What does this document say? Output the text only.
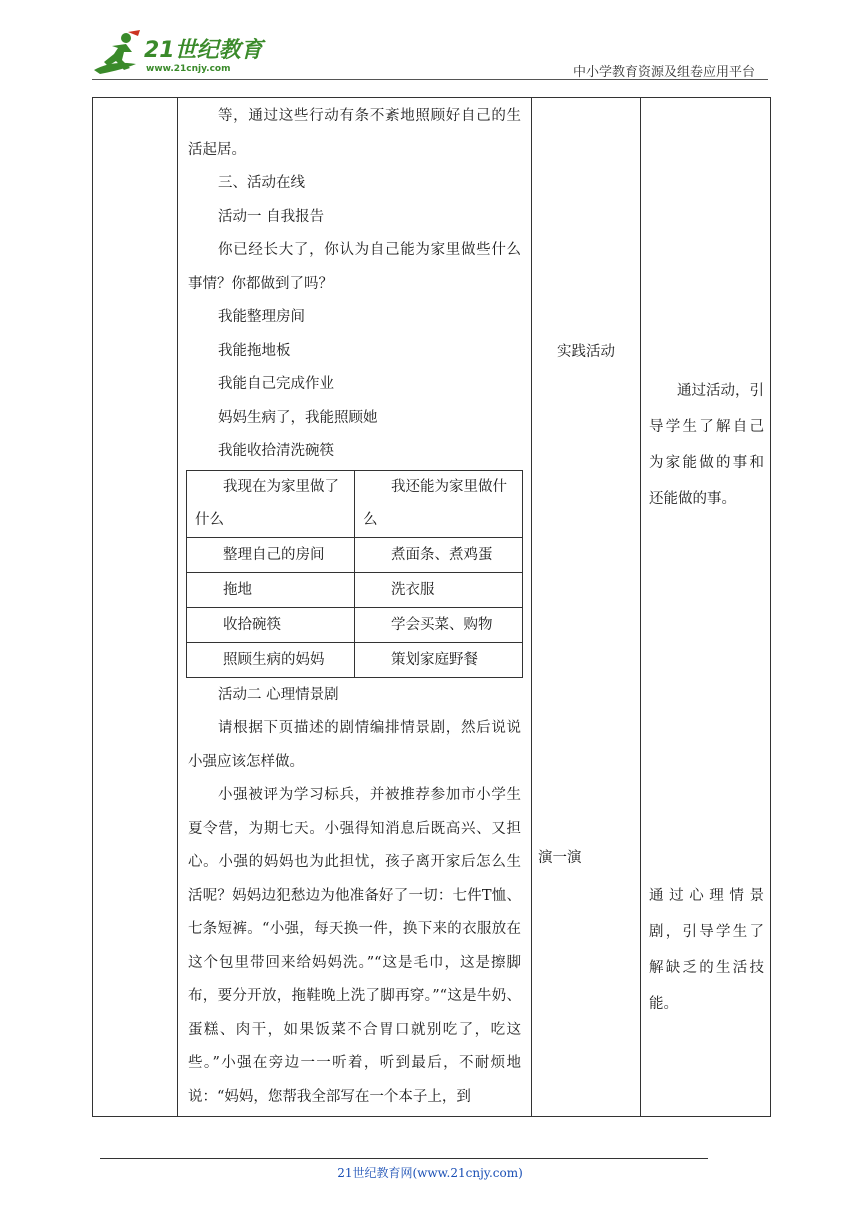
21世纪教育
www.21cnjy.com	中小学教育资源及组卷应用平台

等，通过这些行动有条不紊地照顾好自己的生活起居。

三、活动在线

活动一 自我报告

你已经长大了，你认为自己能为家里做些什么事情？你都做到了吗？

我能整理房间

我能拖地板

我能自己完成作业

妈妈生病了，我能照顾她

我能收拾清洗碗筷

我现在为家里做了什么	我还能为家里做什么
整理自己的房间	煮面条、煮鸡蛋
拖地	洗衣服
收拾碗筷	学会买菜、购物
照顾生病的妈妈	策划家庭野餐

活动二 心理情景剧

请根据下页描述的剧情编排情景剧，然后说说小强应该怎样做。

小强被评为学习标兵，并被推荐参加市小学生夏令营，为期七天。小强得知消息后既高兴、又担心。小强的妈妈也为此担忧，孩子离开家后怎么生活呢？妈妈边犯愁边为他准备好了一切：七件T恤、七条短裤。“小强，每天换一件，换下来的衣服放在这个包里带回来给妈妈洗。”“这是毛巾，这是擦脚布，要分开放，拖鞋晚上洗了脚再穿。”“这是牛奶、蛋糕、肉干，如果饭菜不合胃口就别吃了，吃这些。”小强在旁边一一听着，听到最后，不耐烦地说：“妈妈，您帮我全部写在一个本子上，到

实践活动
演一演

通过活动，引导学生了解自己为家能做的事和还能做的事。
通过心理情景剧，引导学生了解缺乏的生活技能。
21世纪教育网(www.21cnjy.com)
